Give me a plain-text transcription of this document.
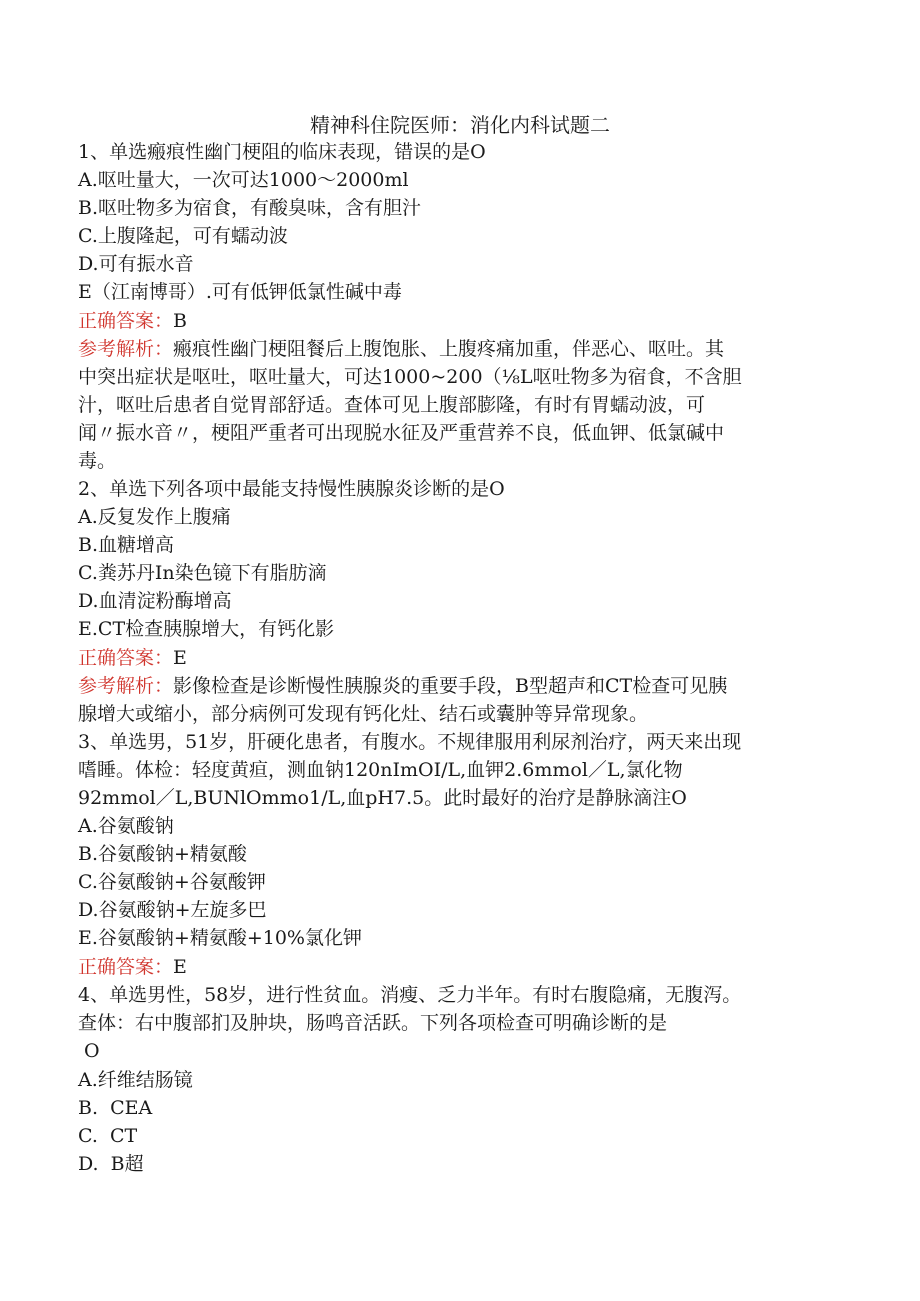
精神科住院医师：消化内科试题二
1、单选瘢痕性幽门梗阻的临床表现，错误的是O
A.呕吐量大，一次可达1000～2000ml
B.呕吐物多为宿食，有酸臭味，含有胆汁
C.上腹隆起，可有蠕动波
D.可有振水音
E（江南博哥）.可有低钾低氯性碱中毒
正确答案：B
参考解析：瘢痕性幽门梗阻餐后上腹饱胀、上腹疼痛加重，伴恶心、呕吐。其
中突出症状是呕吐，呕吐量大，可达1000~200（⅛L呕吐物多为宿食，不含胆
汁，呕吐后患者自觉胃部舒适。查体可见上腹部膨隆，有时有胃蠕动波，可
闻〃振水音〃，梗阻严重者可出现脱水征及严重营养不良，低血钾、低氯碱中
毒。
2、单选下列各项中最能支持慢性胰腺炎诊断的是O
A.反复发作上腹痛
B.血糖增高
C.粪苏丹In染色镜下有脂肪滴
D.血清淀粉酶增高
E.CT检查胰腺增大，有钙化影
正确答案：E
参考解析：影像检查是诊断慢性胰腺炎的重要手段，B型超声和CT检查可见胰
腺增大或缩小，部分病例可发现有钙化灶、结石或囊肿等异常现象。
3、单选男，51岁，肝硬化患者，有腹水。不规律服用利尿剂治疗，两天来出现
嗜睡。体检：轻度黄疸，测血钠120nImOI/L,血钾2.6mmol／L,氯化物
92mmol／L,BUNlOmmo1/L,血pH7.5。此时最好的治疗是静脉滴注O
A.谷氨酸钠
B.谷氨酸钠+精氨酸
C.谷氨酸钠+谷氨酸钾
D.谷氨酸钠+左旋多巴
E.谷氨酸钠+精氨酸+10%氯化钾
正确答案：E
4、单选男性，58岁，进行性贫血。消瘦、乏力半年。有时右腹隐痛，无腹泻。
查体：右中腹部扪及肿块，肠鸣音活跃。下列各项检查可明确诊断的是
O
A.纤维结肠镜
B.  CEA
C.  CT
D.  B超
